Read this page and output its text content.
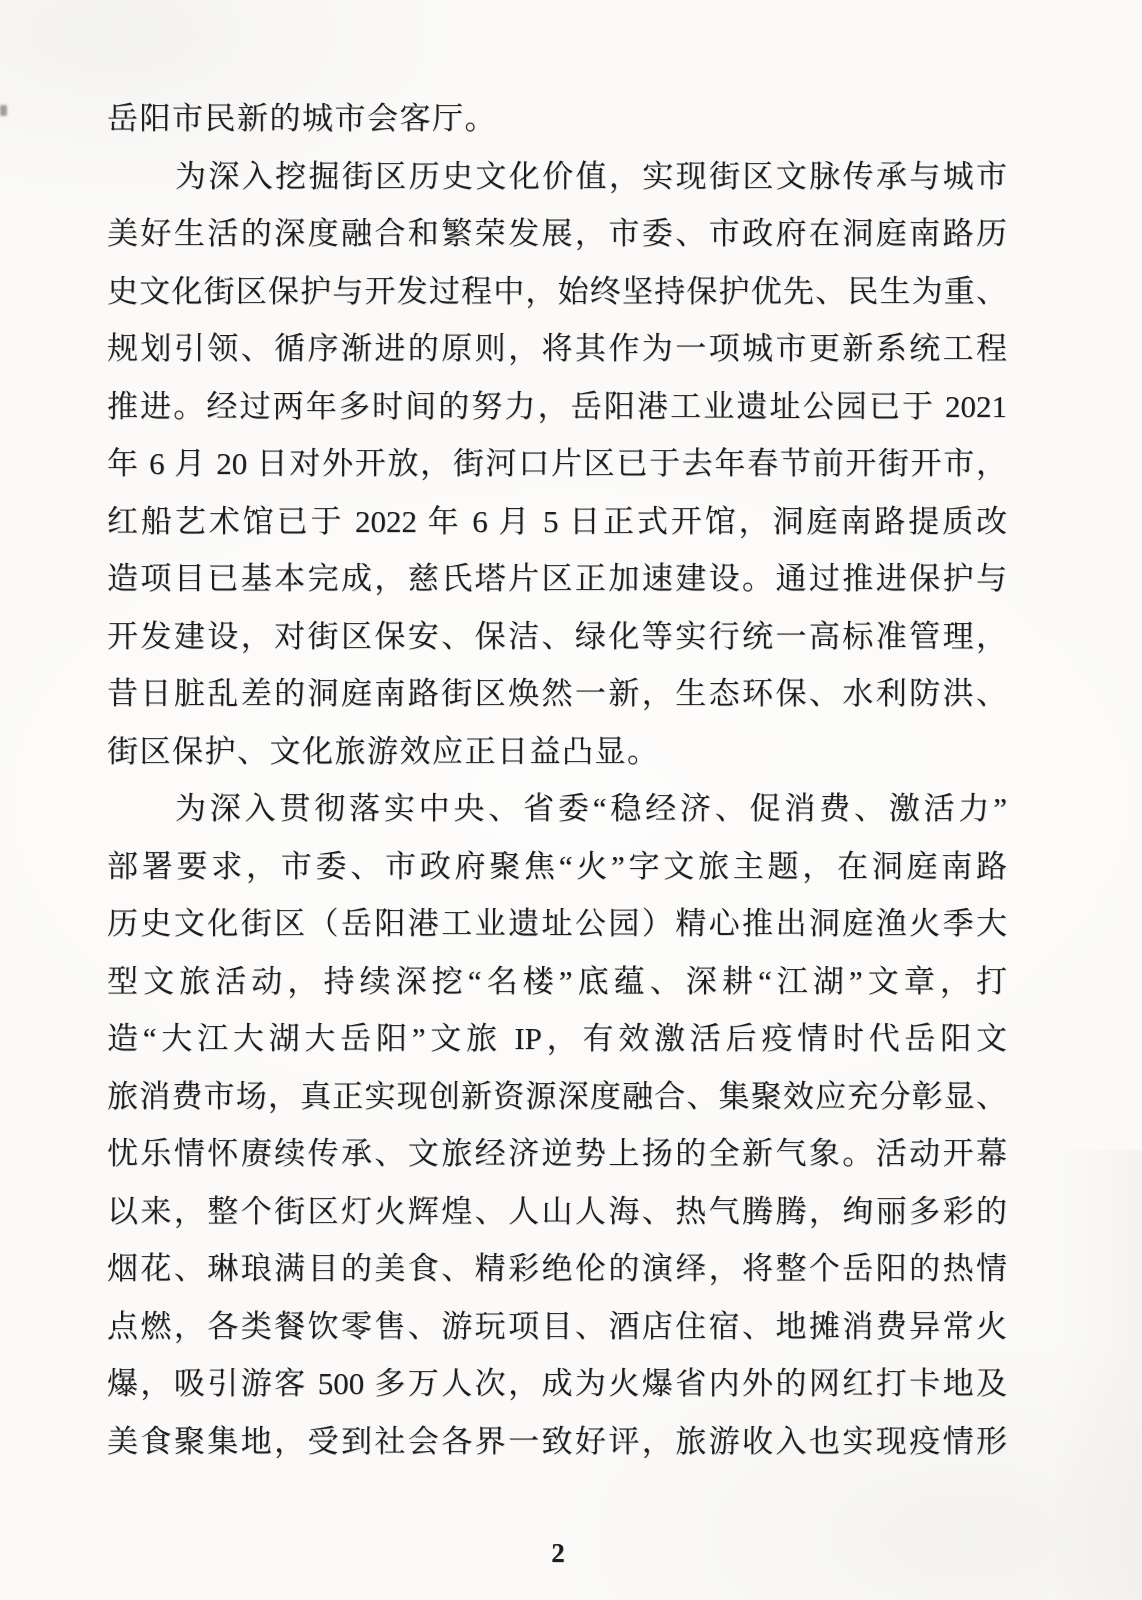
岳阳市民新的城市会客厅。
为深入挖掘街区历史文化价值，实现街区文脉传承与城市
美好生活的深度融合和繁荣发展，市委、市政府在洞庭南路历
史文化街区保护与开发过程中，始终坚持保护优先、民生为重、
规划引领、循序渐进的原则，将其作为一项城市更新系统工程
推进。经过两年多时间的努力，岳阳港工业遗址公园已于 2021
年 6 月 20 日对外开放，街河口片区已于去年春节前开街开市，
红船艺术馆已于 2022 年 6 月 5 日正式开馆，洞庭南路提质改
造项目已基本完成，慈氏塔片区正加速建设。通过推进保护与
开发建设，对街区保安、保洁、绿化等实行统一高标准管理，
昔日脏乱差的洞庭南路街区焕然一新，生态环保、水利防洪、
街区保护、文化旅游效应正日益凸显。
为深入贯彻落实中央、省委“稳经济、促消费、激活力”
部署要求，市委、市政府聚焦“火”字文旅主题，在洞庭南路
历史文化街区（岳阳港工业遗址公园）精心推出洞庭渔火季大
型文旅活动，持续深挖“名楼”底蕴、深耕“江湖”文章，打
造“大江大湖大岳阳”文旅 IP，有效激活后疫情时代岳阳文
旅消费市场，真正实现创新资源深度融合、集聚效应充分彰显、
忧乐情怀赓续传承、文旅经济逆势上扬的全新气象。活动开幕
以来，整个街区灯火辉煌、人山人海、热气腾腾，绚丽多彩的
烟花、琳琅满目的美食、精彩绝伦的演绎，将整个岳阳的热情
点燃，各类餐饮零售、游玩项目、酒店住宿、地摊消费异常火
爆，吸引游客 500 多万人次，成为火爆省内外的网红打卡地及
美食聚集地，受到社会各界一致好评，旅游收入也实现疫情形
2
